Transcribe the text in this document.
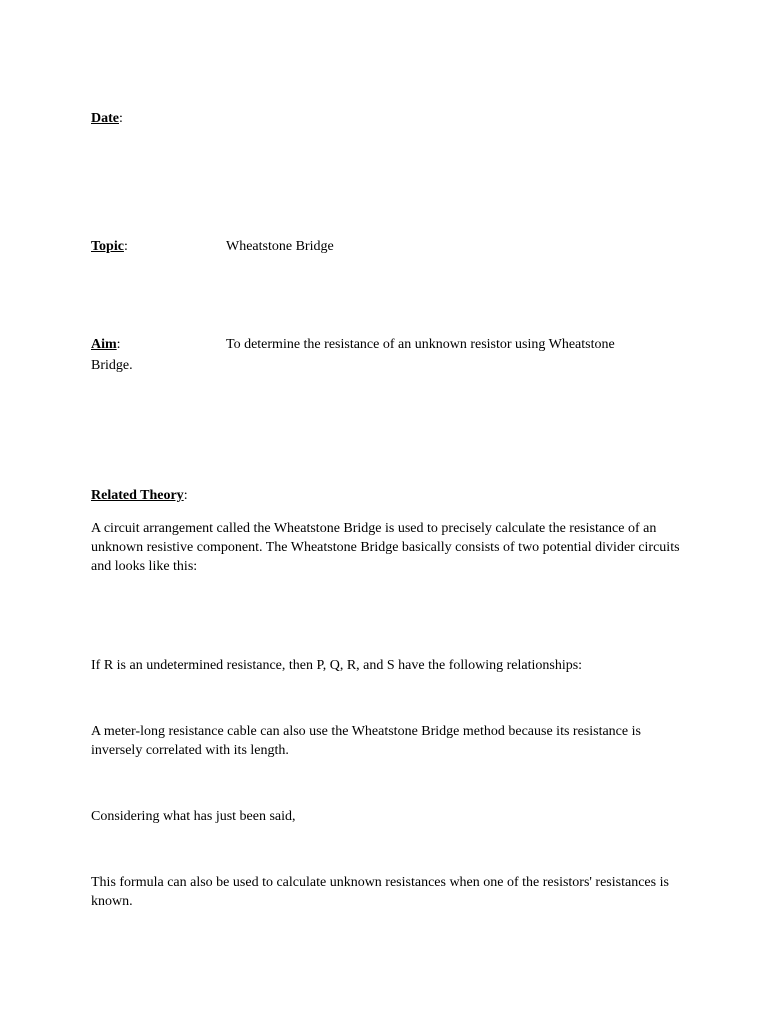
Date:
Topic:	Wheatstone Bridge
Aim:	To determine the resistance of an unknown resistor using Wheatstone
Bridge.
Related Theory:

A circuit arrangement called the Wheatstone Bridge is used to precisely calculate the resistance of an unknown resistive component. The Wheatstone Bridge basically consists of two potential divider circuits and looks like this:

If R is an undetermined resistance, then P, Q, R, and S have the following relationships:

A meter-long resistance cable can also use the Wheatstone Bridge method because its resistance is inversely correlated with its length.

Considering what has just been said,

This formula can also be used to calculate unknown resistances when one of the resistors' resistances is known.
